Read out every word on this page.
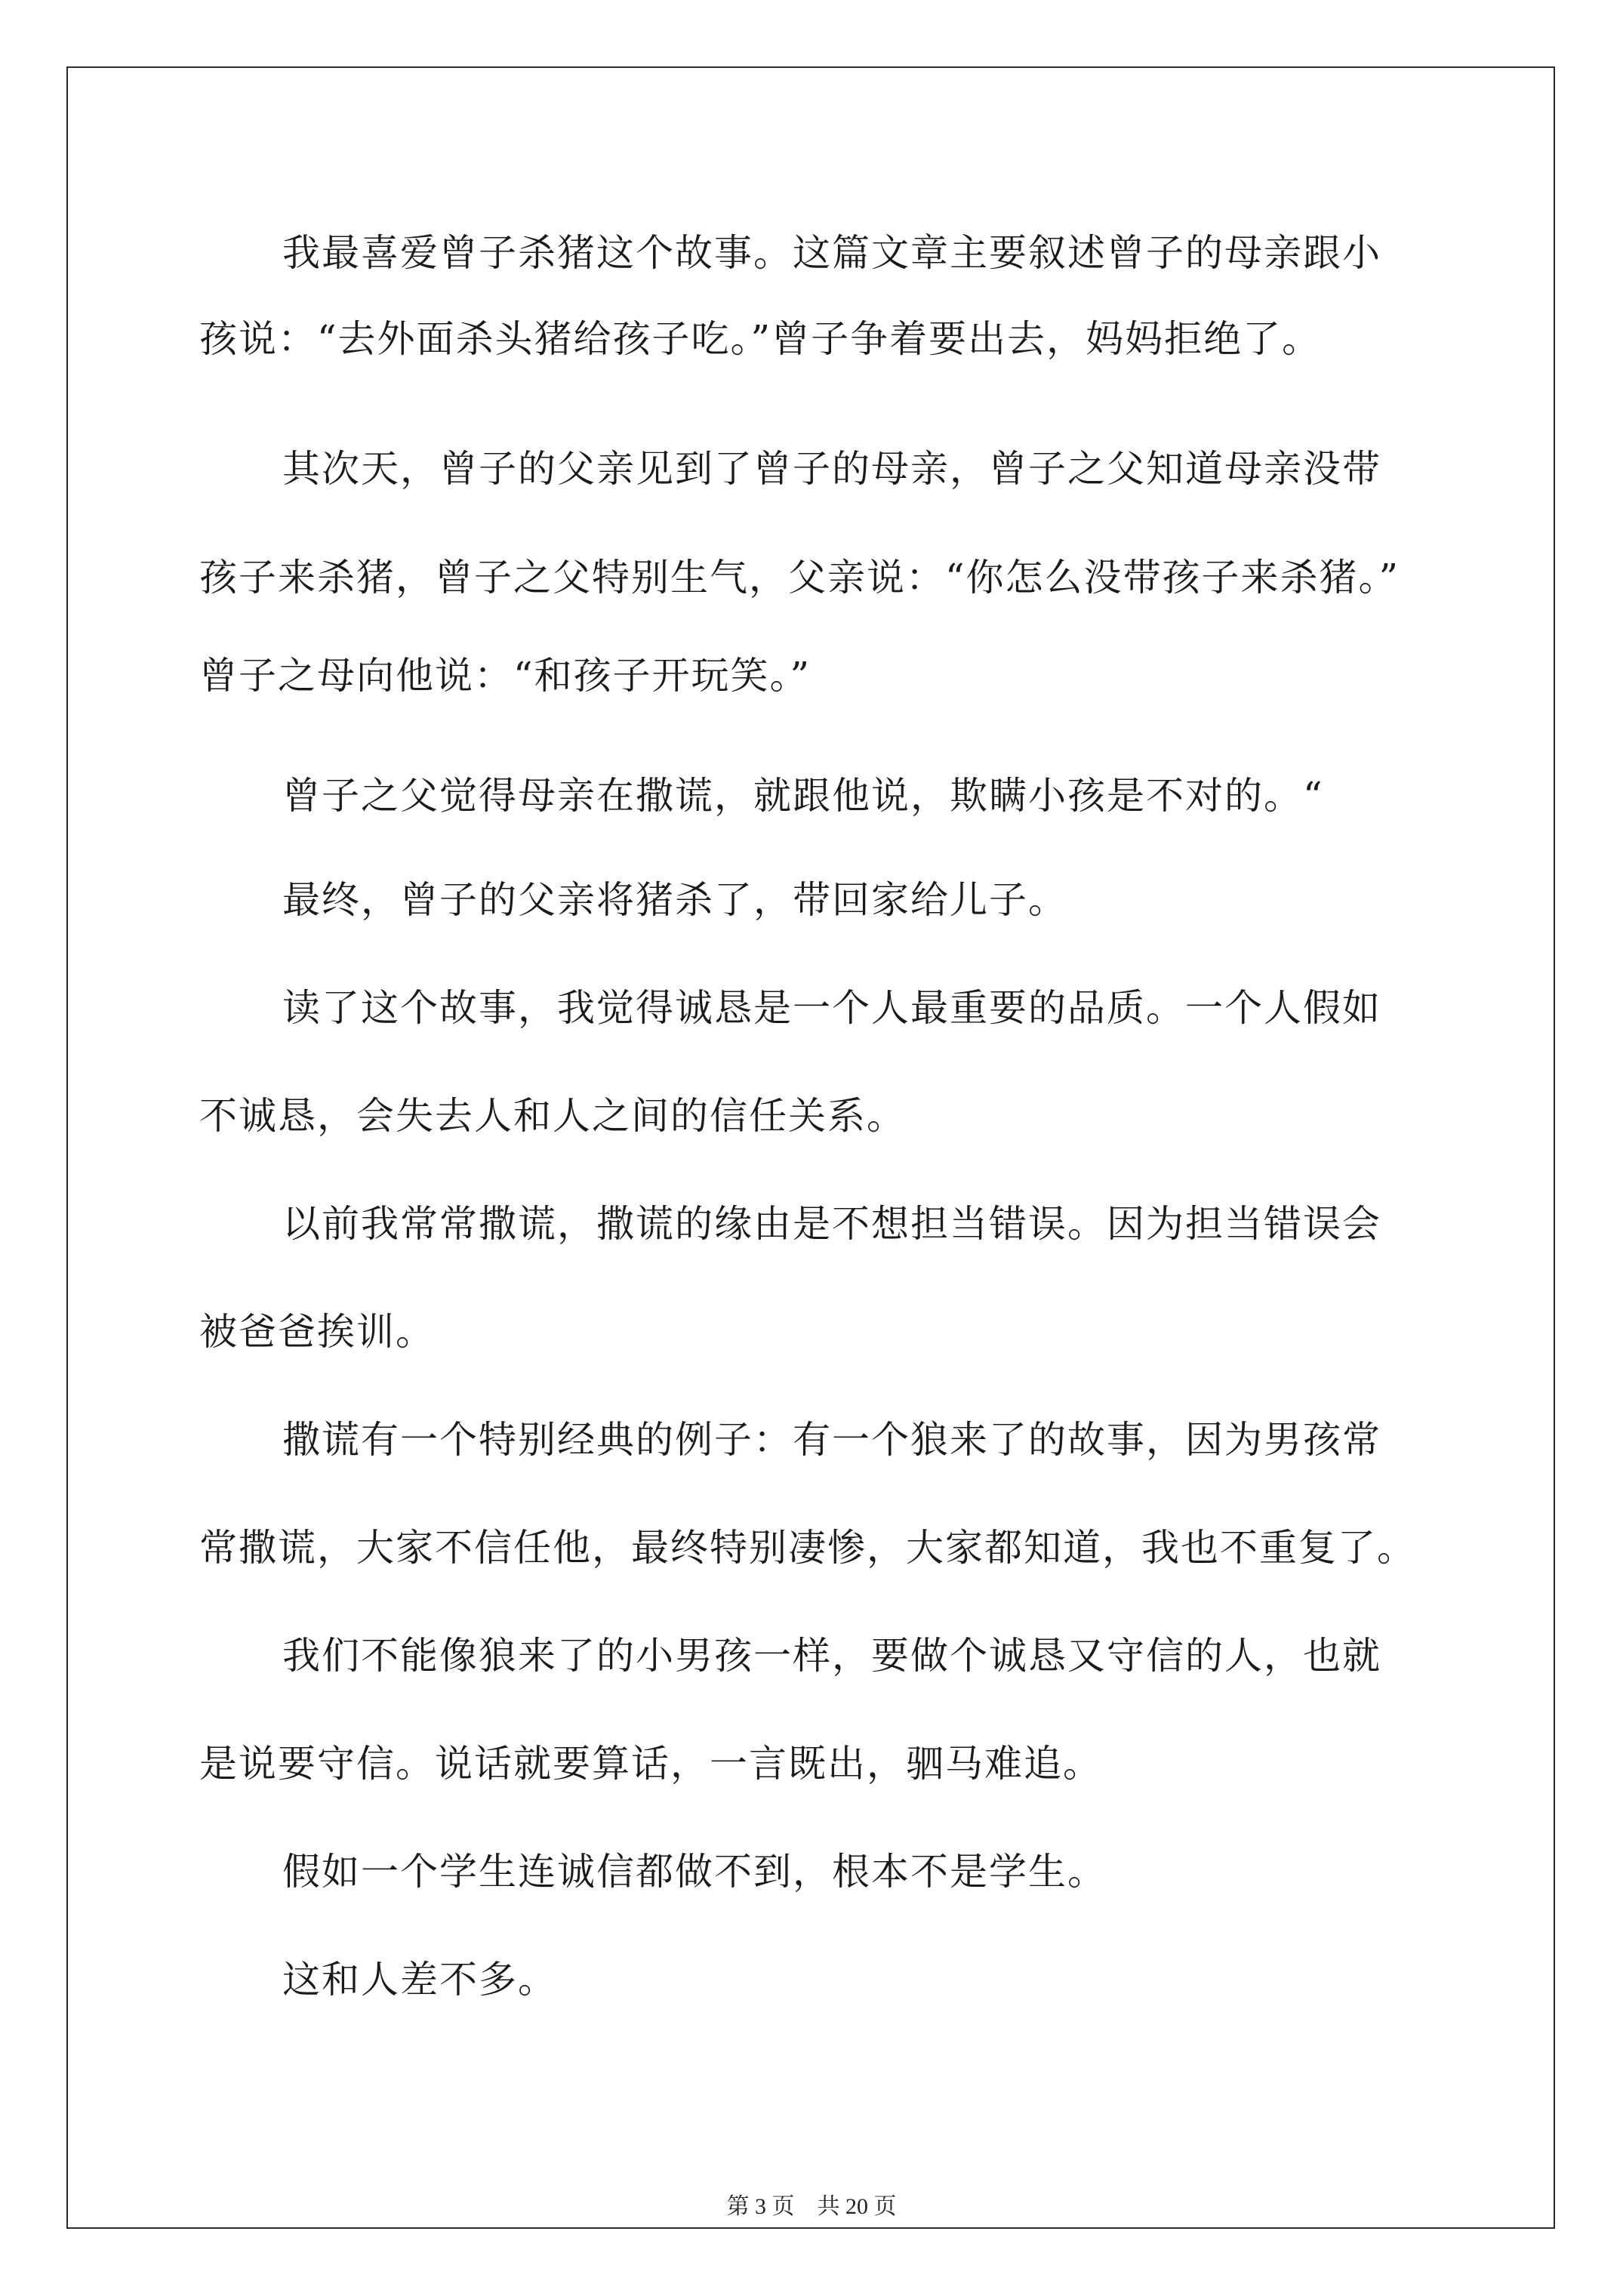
我最喜爱曾子杀猪这个故事。这篇文章主要叙述曾子的母亲跟小

孩说：“去外面杀头猪给孩子吃。”曾子争着要出去，妈妈拒绝了。

其次天，曾子的父亲见到了曾子的母亲，曾子之父知道母亲没带

孩子来杀猪，曾子之父特别生气，父亲说：“你怎么没带孩子来杀猪。”

曾子之母向他说：“和孩子开玩笑。”

曾子之父觉得母亲在撒谎，就跟他说，欺瞒小孩是不对的。“

最终，曾子的父亲将猪杀了，带回家给儿子。

读了这个故事，我觉得诚恳是一个人最重要的品质。一个人假如

不诚恳，会失去人和人之间的信任关系。

以前我常常撒谎，撒谎的缘由是不想担当错误。因为担当错误会

被爸爸挨训。

撒谎有一个特别经典的例子：有一个狼来了的故事，因为男孩常

常撒谎，大家不信任他，最终特别凄惨，大家都知道，我也不重复了。

我们不能像狼来了的小男孩一样，要做个诚恳又守信的人，也就

是说要守信。说话就要算话，一言既出，驷马难追。

假如一个学生连诚信都做不到，根本不是学生。

这和人差不多。

第 3 页　共 20 页
